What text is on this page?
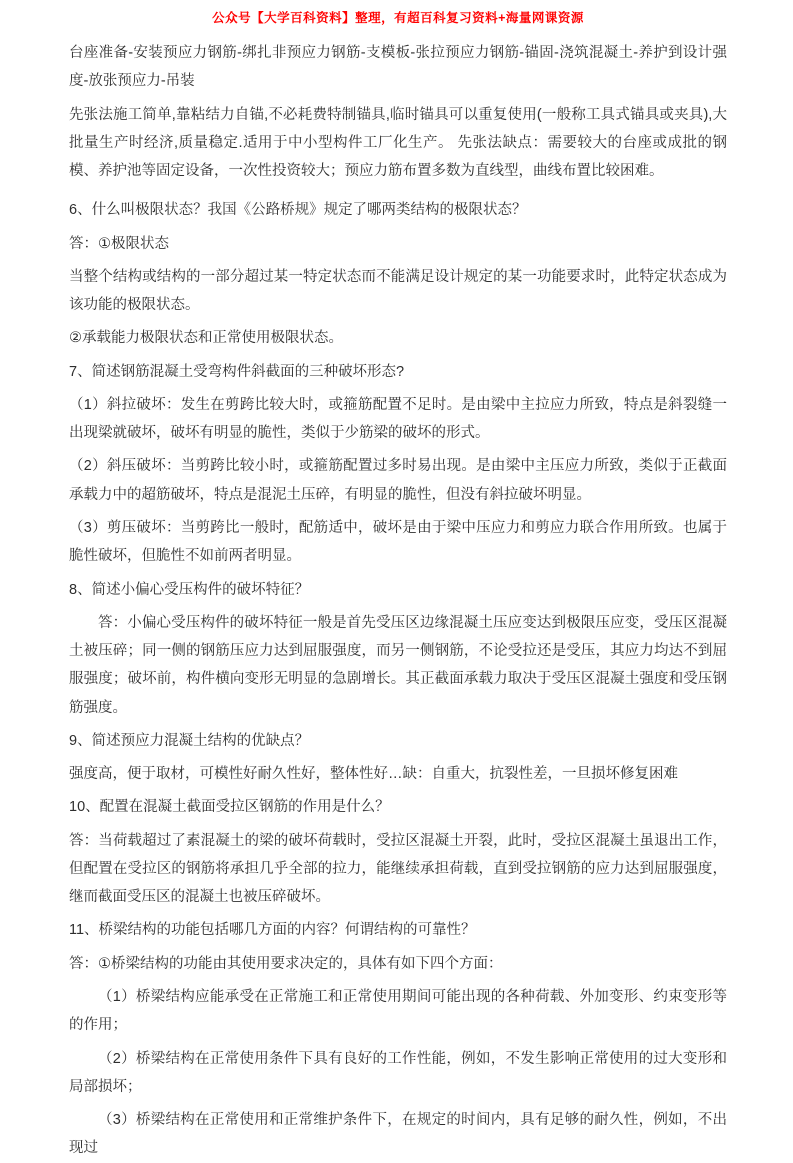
公众号【大学百科资料】整理，有超百科复习资料+海量网课资源

台座准备-安装预应力钢筋-绑扎非预应力钢筋-支模板-张拉预应力钢筋-锚固-浇筑混凝土-养护到设计强度-放张预应力-吊装

先张法施工简单,靠粘结力自锚,不必耗费特制锚具,临时锚具可以重复使用(一般称工具式锚具或夹具),大批量生产时经济,质量稳定.适用于中小型构件工厂化生产。 先张法缺点：需要较大的台座或成批的钢模、养护池等固定设备，一次性投资较大；预应力筋布置多数为直线型，曲线布置比较困难。

6、什么叫极限状态？我国《公路桥规》规定了哪两类结构的极限状态？

答：①极限状态

当整个结构或结构的一部分超过某一特定状态而不能满足设计规定的某一功能要求时，此特定状态成为该功能的极限状态。

②承载能力极限状态和正常使用极限状态。

7、简述钢筋混凝土受弯构件斜截面的三种破坏形态?

（1）斜拉破坏：发生在剪跨比较大时，或箍筋配置不足时。是由梁中主拉应力所致，特点是斜裂缝一出现梁就破坏，破坏有明显的脆性，类似于少筋梁的破坏的形式。

（2）斜压破坏：当剪跨比较小时，或箍筋配置过多时易出现。是由梁中主压应力所致，类似于正截面承载力中的超筋破坏，特点是混泥土压碎，有明显的脆性，但没有斜拉破坏明显。

（3）剪压破坏：当剪跨比一般时，配筋适中，破坏是由于梁中压应力和剪应力联合作用所致。也属于脆性破坏，但脆性不如前两者明显。

8、简述小偏心受压构件的破坏特征？

答：小偏心受压构件的破坏特征一般是首先受压区边缘混凝土压应变达到极限压应变，受压区混凝土被压碎；同一侧的钢筋压应力达到屈服强度，而另一侧钢筋，不论受拉还是受压，其应力均达不到屈服强度；破坏前，构件横向变形无明显的急剧增长。其正截面承载力取决于受压区混凝土强度和受压钢筋强度。

9、简述预应力混凝土结构的优缺点？

强度高，便于取材，可模性好耐久性好，整体性好…缺：自重大，抗裂性差，一旦损坏修复困难

10、配置在混凝土截面受拉区钢筋的作用是什么？

答：当荷载超过了素混凝土的梁的破坏荷载时，受拉区混凝土开裂，此时，受拉区混凝土虽退出工作，但配置在受拉区的钢筋将承担几乎全部的拉力，能继续承担荷载，直到受拉钢筋的应力达到屈服强度，继而截面受压区的混凝土也被压碎破坏。

11、桥梁结构的功能包括哪几方面的内容？何谓结构的可靠性？

答：①桥梁结构的功能由其使用要求决定的，具体有如下四个方面：

（1）桥梁结构应能承受在正常施工和正常使用期间可能出现的各种荷载、外加变形、约束变形等的作用；

（2）桥梁结构在正常使用条件下具有良好的工作性能，例如，不发生影响正常使用的过大变形和局部损坏；

（3）桥梁结构在正常使用和正常维护条件下，在规定的时间内，具有足够的耐久性，例如，不出现过
